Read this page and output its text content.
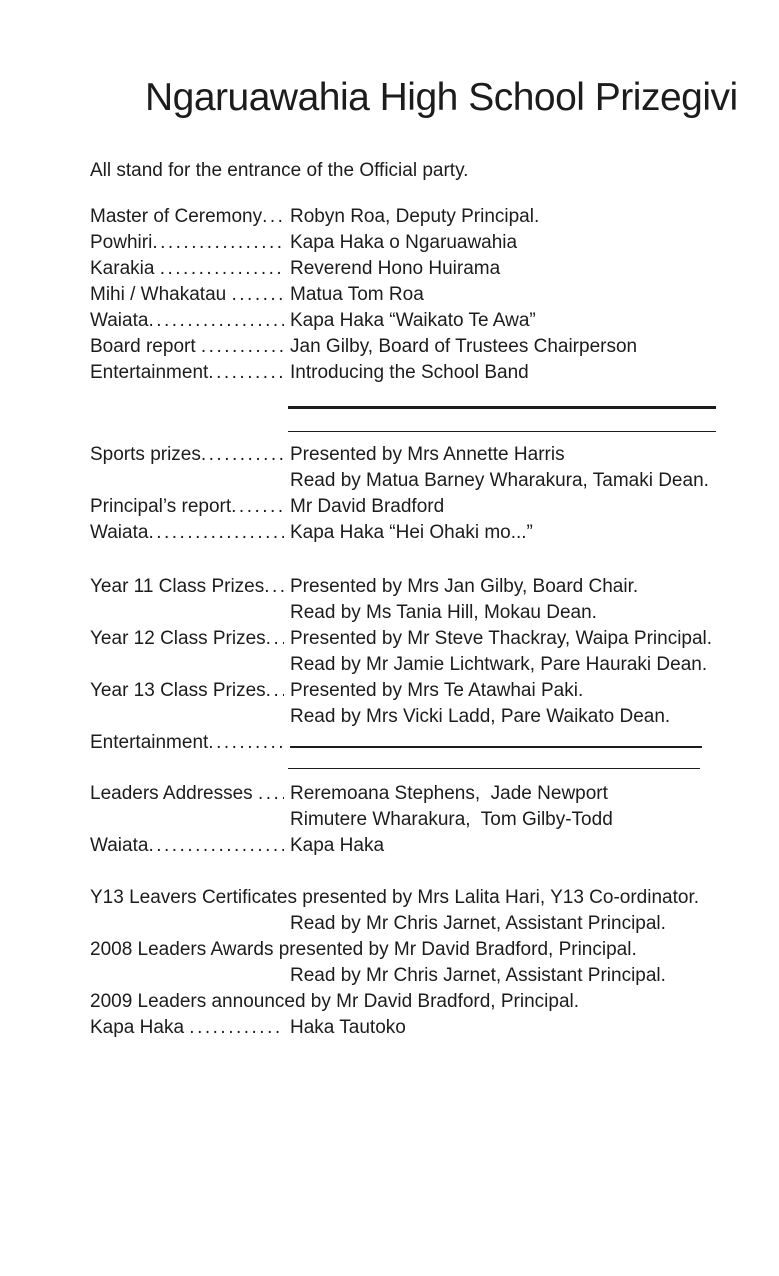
Ngaruawahia High School Prizegivi
All stand for the entrance of the Official party.
Master of Ceremony ..... Robyn Roa, Deputy Principal.
Powhiri .....	Kapa Haka o Ngaruawahia
Karakia .....	Reverend Hono Huirama
Mihi / Whakatau .....	Matua Tom Roa
Waiata .....	Kapa Haka “Waikato Te Awa”
Board report .....	Jan Gilby, Board of Trustees Chairperson
Entertainment .....	Introducing the School Band
Sports prizes .....	Presented by Mrs Annette Harris
Read by Matua Barney Wharakura, Tamaki Dean.
Principal’s report .....	Mr David Bradford
Waiata .....	Kapa Haka “Hei Ohaki mo...”
Year 11 Class Prizes ..... Presented by Mrs Jan Gilby, Board Chair.
Read by Ms Tania Hill, Mokau Dean.
Year 12 Class Prizes ..... Presented by Mr Steve Thackray, Waipa Principal.
Read by Mr Jamie Lichtwark, Pare Hauraki Dean.
Year 13 Class Prizes ..... Presented by Mrs Te Atawhai Paki.
Read by Mrs Vicki Ladd, Pare Waikato Dean.
Entertainment
.....
Leaders Addresses ..... Reremoana Stephens,  Jade Newport
Rimutere Wharakura,  Tom Gilby-Todd
Waiata .....	Kapa Haka
Y13 Leavers Certificates presented by Mrs Lalita Hari, Y13 Co-ordinator.
Read by Mr Chris Jarnet, Assistant Principal.
2008 Leaders Awards presented by Mr David Bradford, Principal.
Read by Mr Chris Jarnet, Assistant Principal.
2009 Leaders announced by Mr David Bradford, Principal.
Kapa Haka .....	Haka Tautoko
